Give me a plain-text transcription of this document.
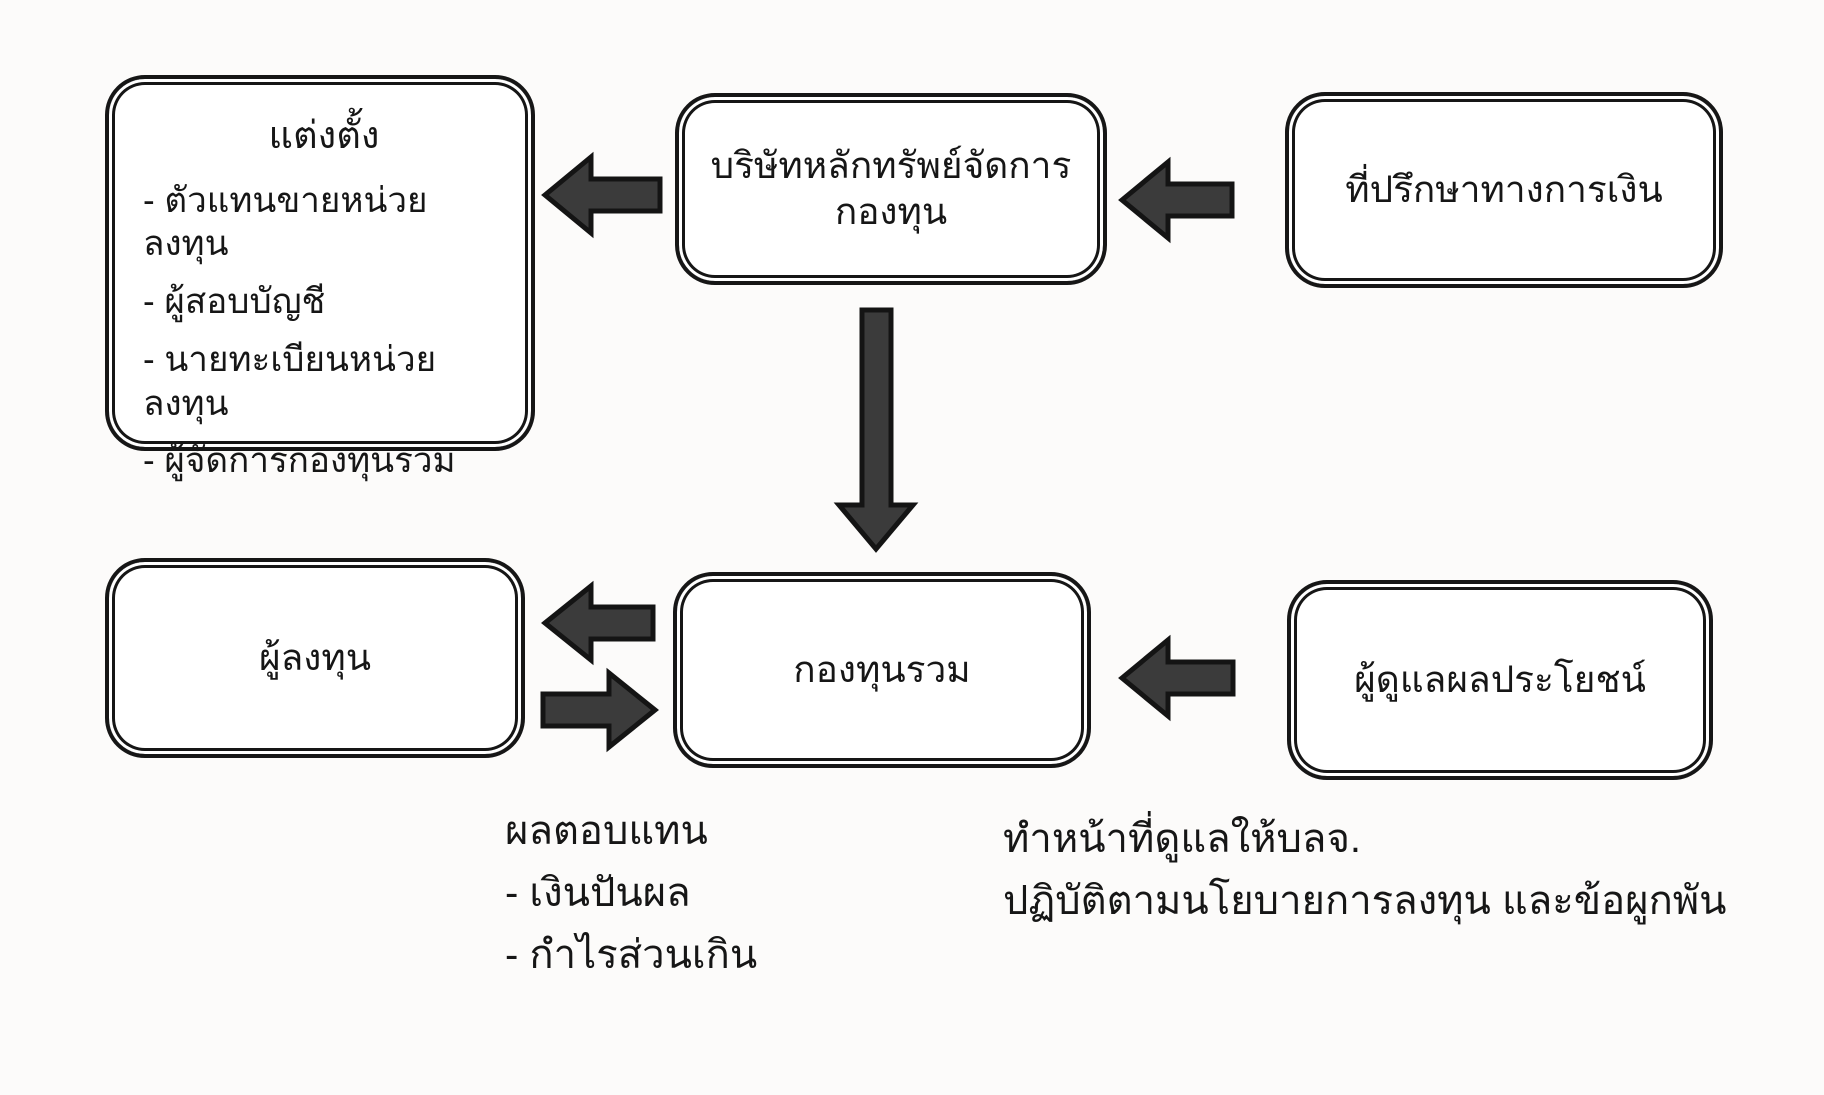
แต่งตั้ง
- ตัวแทนขายหน่วยลงทุน
- ผู้สอบบัญชี
- นายทะเบียนหน่วยลงทุน
- ผู้จัดการกองทุนรวม
บริษัทหลักทรัพย์จัดการกองทุน
ที่ปรึกษาทางการเงิน
ผู้ลงทุน	กองทุนรวม	ผู้ดูแลผลประโยชน์
ผลตอบแทน
- เงินปันผล
- กำไรส่วนเกิน
ทำหน้าที่ดูแลให้บลจ.
ปฏิบัติตามนโยบายการลงทุน และข้อผูกพัน
